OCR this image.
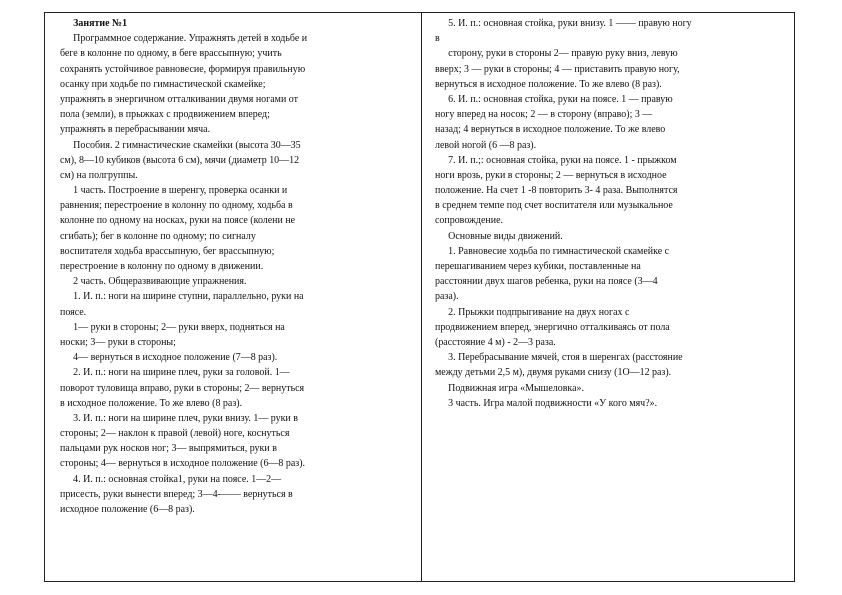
Занятие №1
Программное содержание. Упражнять детей в ходьбе и
беге в колонне по одному, в беге врассыпную; учить
сохранять устойчивое равновесие, формируя правильную
осанку при ходьбе по гимнастической скамейке;
упражнять в энергичном отталкивании двумя ногами от
пола (земли), в прыжках с продвижением вперед;
упражнять в перебрасывании мяча.
Пособия. 2 гимнастические скамейки (высота 30—35
см), 8—10 кубиков (высота 6 см), мячи (диаметр 10—12
см) на полгруппы.
1 часть. Построение в шеренгу, проверка осанки и
равнения; перестроение в колонну по одному, ходьба в
колонне по одному на носках, руки на поясе (колени не
сгибать); бег в колонне по одному; по сигналу
воспитателя ходьба врассыпную, бег врассыпную;
перестроение в колонну по одному в движении.
2 часть. Общеразвивающие упражнения.
1. И. п.: ноги на ширине ступни, параллельно, руки на
поясе.
1— руки в стороны; 2— руки вверх, подняться на
носки; 3— руки в стороны;
4— вернуться в исходное положение (7—8 раз).
2. И. п.: ноги на ширине плеч, руки за головой. 1—
поворот туловища вправо, руки в стороны; 2— вернуться
в исходное положение. То же влево (8 раз).
3. И. п.: ноги на ширине плеч, руки внизу. 1— руки в
стороны; 2— наклон к правой (левой) ноге, коснуться
пальцами рук носков ног; 3— выпрямиться, руки в
стороны; 4— вернуться в исходное положение (6—8 раз).
4. И. п.: основная стойка1, руки на поясе. 1—2—
присесть, руки вынести вперед; 3—4-—— вернуться в
исходное положение (6—8 раз).
5. И. п.: основная стойка, руки внизу. 1 —— правую ногу
в
сторону, руки в стороны 2— правую руку вниз, левую
вверх; 3 — руки в стороны; 4 — приставить правую ногу,
вернуться в исходное положение. То же влево (8 раз).
6. И. п.: основная стойка, руки на поясе. 1 — правую
ногу вперед на носок; 2 — в сторону (вправо); 3 —
назад; 4 вернуться в исходное положение. То же влево
левой ногой (6 —8 раз).
7. И. п.;: основная стойка, руки на поясе. 1 - прыжком
ноги врозь, руки в стороны; 2 — вернуться в исходное
положение. На счет 1 -8 повторить 3- 4 раза. Выполнятся
в среднем темпе под счет воспитателя или музыкальное
сопровождение.
Основные виды движений.
1. Равновесие ходьба по гимнастической скамейке с
перешагиванием через кубики, поставленные на
расстоянии двух шагов ребенка, руки на поясе (3—4
раза).
2. Прыжки подпрыгивание на двух ногах с
продвижением вперед, энергично отталкиваясь от пола
(расстояние 4 м) - 2—3 раза.
3. Перебрасывание мячей, стоя в шеренгах (расстояние
между детьми 2,5 м), двумя руками снизу (1О—12 раз).
Подвижная игра «Мышеловка».
3 часть. Игра малой подвижности «У кого мяч?».
